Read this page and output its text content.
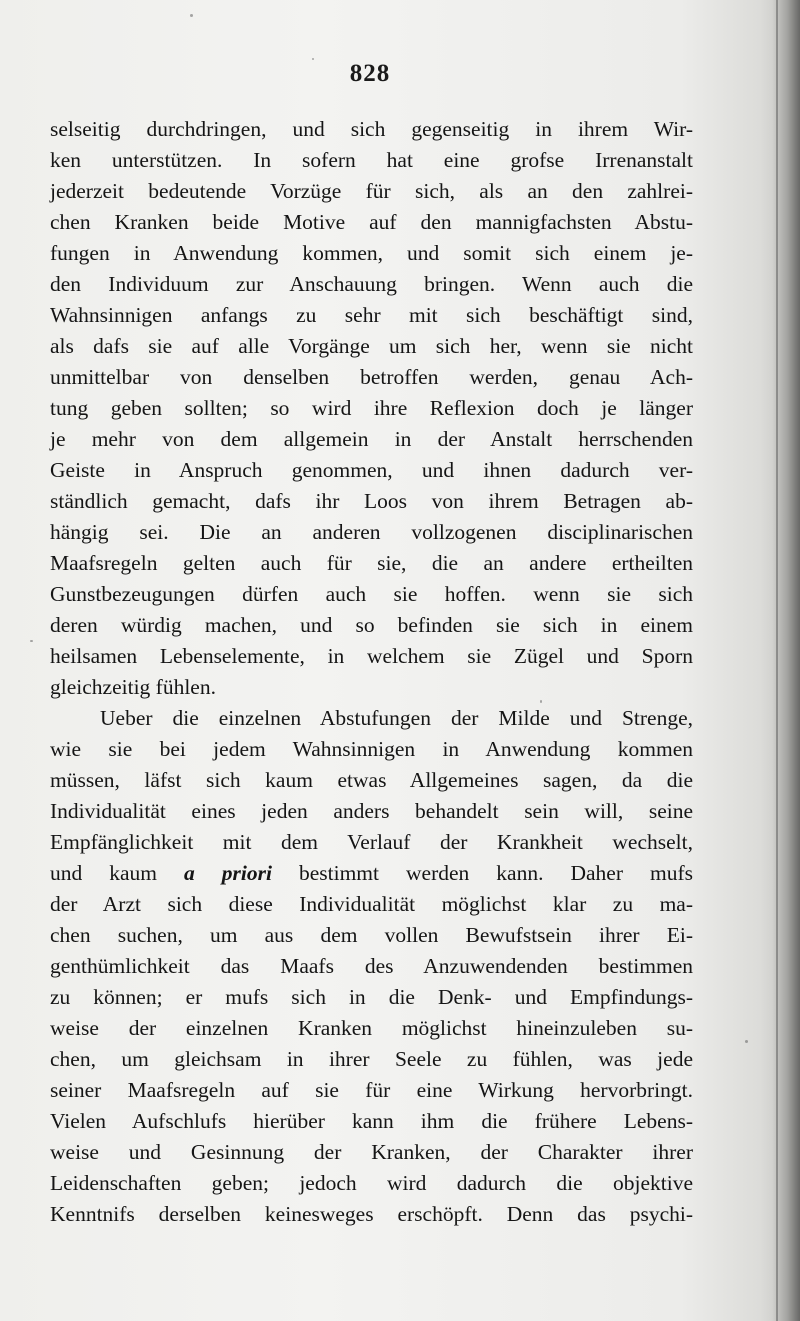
828
selseitig durchdringen, und sich gegenseitig in ihrem Wir-
ken unterstützen. In sofern hat eine grofse Irrenanstalt
jederzeit bedeutende Vorzüge für sich, als an den zahlrei-
chen Kranken beide Motive auf den mannigfachsten Abstu-
fungen in Anwendung kommen, und somit sich einem je-
den Individuum zur Anschauung bringen. Wenn auch die
Wahnsinnigen anfangs zu sehr mit sich beschäftigt sind,
als dafs sie auf alle Vorgänge um sich her, wenn sie nicht
unmittelbar von denselben betroffen werden, genau Ach-
tung geben sollten; so wird ihre Reflexion doch je länger
je mehr von dem allgemein in der Anstalt herrschenden
Geiste in Anspruch genommen, und ihnen dadurch ver-
ständlich gemacht, dafs ihr Loos von ihrem Betragen ab-
hängig sei. Die an anderen vollzogenen disciplinarischen
Maafsregeln gelten auch für sie, die an andere ertheilten
Gunstbezeugungen dürfen auch sie hoffen. wenn sie sich
deren würdig machen, und so befinden sie sich in einem
heilsamen Lebenselemente, in welchem sie Zügel und Sporn
gleichzeitig fühlen.
Ueber die einzelnen Abstufungen der Milde und Strenge,
wie sie bei jedem Wahnsinnigen in Anwendung kommen
müssen, läfst sich kaum etwas Allgemeines sagen, da die
Individualität eines jeden anders behandelt sein will, seine
Empfänglichkeit mit dem Verlauf der Krankheit wechselt,
und kaum a priori bestimmt werden kann. Daher mufs
der Arzt sich diese Individualität möglichst klar zu ma-
chen suchen, um aus dem vollen Bewufstsein ihrer Ei-
genthümlichkeit das Maafs des Anzuwendenden bestimmen
zu können; er mufs sich in die Denk- und Empfindungs-
weise der einzelnen Kranken möglichst hineinzuleben su-
chen, um gleichsam in ihrer Seele zu fühlen, was jede
seiner Maafsregeln auf sie für eine Wirkung hervorbringt.
Vielen Aufschlufs hierüber kann ihm die frühere Lebens-
weise und Gesinnung der Kranken, der Charakter ihrer
Leidenschaften geben; jedoch wird dadurch die objektive
Kenntnifs derselben keinesweges erschöpft. Denn das psychi-
